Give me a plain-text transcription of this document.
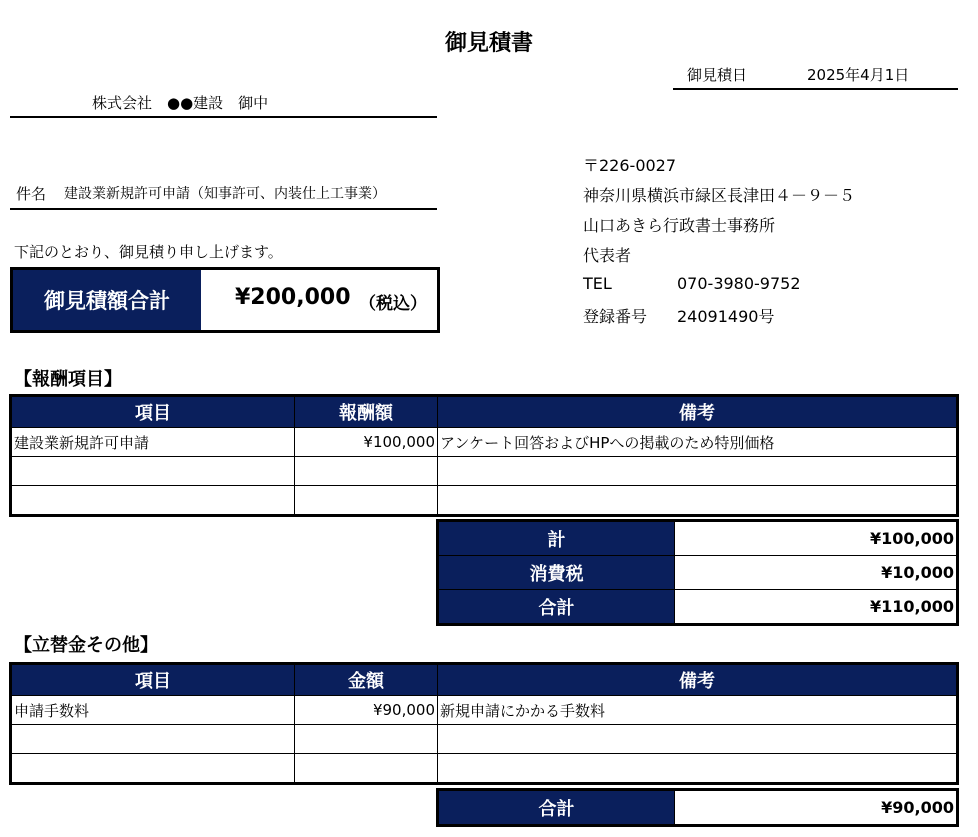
御見積書
御見積日	2025年4月1日
株式会社　●●建設　御中
件名 建設業新規許可申請（知事許可、内装仕上工事業）
下記のとおり、御見積り申し上げます。
御見積額合計	¥200,000 （税込）
〒226-0027
神奈川県横浜市緑区長津田４－９－５
山口あきら行政書士事務所
代表者
TEL	070-3980-9752
登録番号 24091490号
【報酬項目】
項目	報酬額	備考
建設業新規許可申請	¥100,000	アンケート回答およびHPへの掲載のため特別価格

計	¥100,000
消費税	¥10,000
合計	¥110,000
【立替金その他】
項目	金額	備考
申請手数料	¥90,000	新規申請にかかる手数料

合計	¥90,000
